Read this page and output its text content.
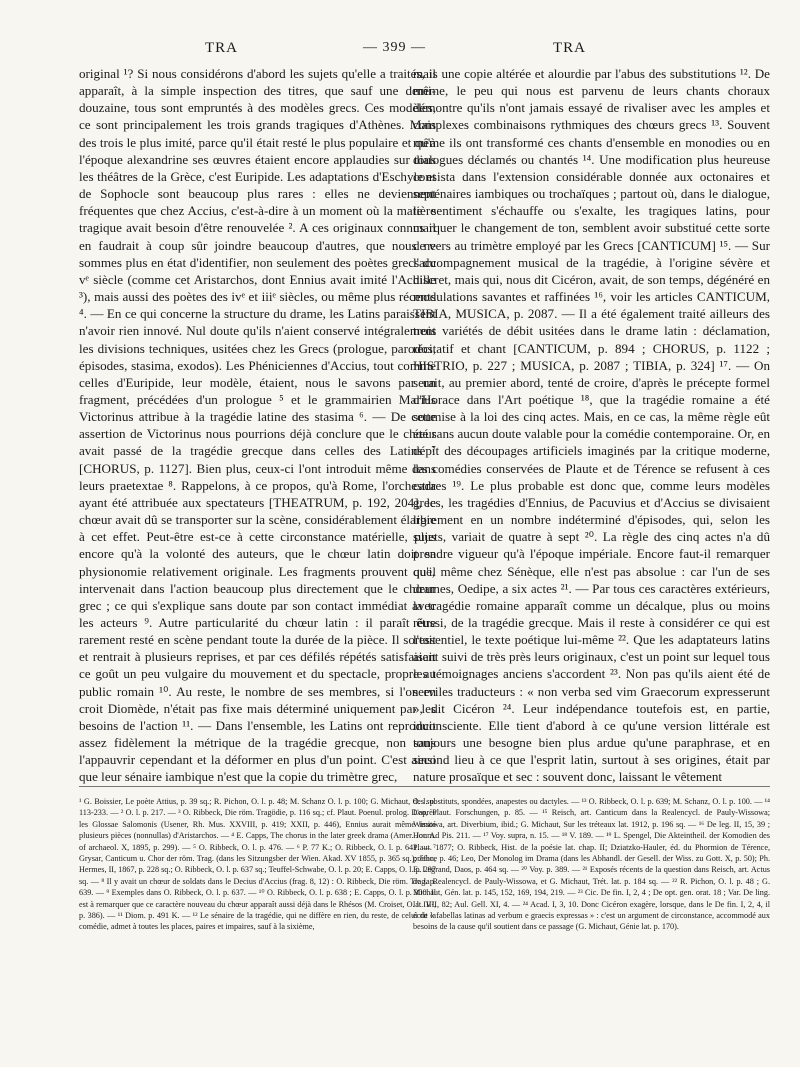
TRA	— 399 —	TRA

original ¹? Si nous considérons d'abord les sujets qu'elle a traités, il apparaît, à la simple inspection des titres, que sauf une demi-douzaine, tous sont empruntés à des modèles grecs. Ces modèles, ce sont principalement les trois grands tragiques d'Athènes. Mais des trois le plus imité, parce qu'il était resté le plus populaire et qu'à l'époque alexandrine ses œuvres étaient encore applaudies sur tous les théâtres de la Grèce, c'est Euripide. Les adaptations d'Eschyle et de Sophocle sont beaucoup plus rares : elles ne deviennent fréquentes que chez Accius, c'est-à-dire à un moment où la matière tragique avait besoin d'être renouvelée ². A ces originaux connus il en faudrait à coup sûr joindre beaucoup d'autres, que nous ne sommes plus en état d'identifier, non seulement des poètes grecs du vᵉ siècle (comme cet Aristarchos, dont Ennius avait imité l'Achille ³), mais aussi des poètes des ivᵉ et iiiᵉ siècles, ou même plus récents ⁴. — En ce qui concerne la structure du drame, les Latins paraissent n'avoir rien innové. Nul doute qu'ils n'aient conservé intégralement les divisions techniques, usitées chez les Grecs (prologue, parodos, épisodes, stasima, exodos). Les Phéniciennes d'Accius, tout comme celles d'Euripide, leur modèle, étaient, nous le savons par un fragment, précédées d'un prologue ⁵ et le grammairien Marius Victorinus attribue à la tragédie latine des stasima ⁶. — De cette assertion de Victorinus nous pourrions déjà conclure que le chœur avait passé de la tragédie grecque dans celles des Latins ⁷ [CHORUS, p. 1127]. Bien plus, ceux-ci l'ont introduit même dans leurs praetextae ⁸. Rappelons, à ce propos, qu'à Rome, l'orchestra ayant été attribuée aux spectateurs [THEATRUM, p. 192, 204], le chœur avait dû se transporter sur la scène, considérablement élargie à cet effet. Peut-être est-ce à cette circonstance matérielle, plus encore qu'à la volonté des auteurs, que le chœur latin doit sa physionomie relativement originale. Les fragments prouvent qu'il intervenait dans l'action beaucoup plus directement que le chœur grec ; ce qui s'explique sans doute par son contact immédiat avec les acteurs ⁹. Autre particularité du chœur latin : il paraît être rarement resté en scène pendant toute la durée de la pièce. Il sortait et rentrait à plusieurs reprises, et par ces défilés répétés satisfaisait ce goût un peu vulgaire du mouvement et du spectacle, propre au public romain ¹⁰. Au reste, le nombre de ses membres, si l'on en croit Diomède, n'était pas fixe mais déterminé uniquement par les besoins de l'action ¹¹. — Dans l'ensemble, les Latins ont reproduit assez fidèlement la métrique de la tragédie grecque, non sans l'appauvrir cependant et la déformer en plus d'un point. C'est ainsi que leur sénaire iambique n'est que la copie du trimètre grec,

mais une copie altérée et alourdie par l'abus des substitutions ¹². De même, le peu qui nous est parvenu de leurs chants choraux démontre qu'ils n'ont jamais essayé de rivaliser avec les amples et complexes combinaisons rythmiques des chœurs grecs ¹³. Souvent même ils ont transformé ces chants d'ensemble en monodies ou en dialogues déclamés ou chantés ¹⁴. Une modification plus heureuse consista dans l'extension considérable donnée aux octonaires et septénaires iambiques ou trochaïques ; partout où, dans le dialogue, le sentiment s'échauffe ou s'exalte, les tragiques latins, pour marquer le changement de ton, semblent avoir substitué cette sorte de vers au trimètre employé par les Grecs [CANTICUM] ¹⁵. — Sur l'accompagnement musical de la tragédie, à l'origine sévère et discret, mais qui, nous dit Cicéron, avait, de son temps, dégénéré en modulations savantes et raffinées ¹⁶, voir les articles CANTICUM, TIBIA, MUSICA, p. 2087. — Il a été également traité ailleurs des trois variétés de débit usitées dans le drame latin : déclamation, récitatif et chant [CANTICUM, p. 894 ; CHORUS, p. 1122 ; HISTRIO, p. 227 ; MUSICA, p. 2087 ; TIBIA, p. 324] ¹⁷. — On serait, au premier abord, tenté de croire, d'après le précepte formel d'Horace dans l'Art poétique ¹⁸, que la tragédie romaine a été soumise à la loi des cinq actes. Mais, en ce cas, la même règle eût été sans aucun doute valable pour la comédie contemporaine. Or, en dépit des découpages artificiels imaginés par la critique moderne, les comédies conservées de Plaute et de Térence se refusent à ces cadres ¹⁹. Le plus probable est donc que, comme leurs modèles grecs, les tragédies d'Ennius, de Pacuvius et d'Accius se divisaient librement en un nombre indéterminé d'épisodes, qui, selon les sujets, variait de quatre à sept ²⁰. La règle des cinq actes n'a dû prendre vigueur qu'à l'époque impériale. Encore faut-il remarquer que, même chez Sénèque, elle n'est pas absolue : car l'un de ses drames, Oedipe, a six actes ²¹. — Par tous ces caractères extérieurs, la tragédie romaine apparaît comme un décalque, plus ou moins réussi, de la tragédie grecque. Mais il reste à considérer ce qui est l'essentiel, le texte poétique lui-même ²². Que les adaptateurs latins aient suivi de très près leurs originaux, c'est un point sur lequel tous les témoignages anciens s'accordent ²³. Non pas qu'ils aient été de serviles traducteurs : « non verba sed vim Graecorum expresserunt », dit Cicéron ²⁴. Leur indépendance toutefois est, en partie, inconsciente. Elle tient d'abord à ce qu'une version littérale est toujours une besogne bien plus ardue qu'une paraphrase, et en second lieu à ce que l'esprit latin, surtout à ses origines, était par nature prosaïque et sec : souvent donc, laissant le vêtement

¹ G. Boissier, Le poète Attius, p. 39 sq.; R. Pichon, O. l. p. 48; M. Schanz O. l. p. 100; G. Michaut, O. l. p. 113-233. — ² O. l. p. 217. — ³ O. Ribbeck, Die röm. Tragödie, p. 116 sq.; cf. Plaut. Poenul. prolog. D'après les Glossae Salomonis (Usener, Rh. Mus. XXVIII, p. 419; XXII, p. 446), Ennius aurait même imité plusieurs pièces (nonnullas) d'Aristarchos. — ⁴ E. Capps, The chorus in the later greek drama (Amer. Journ. of archaeol. X, 1895, p. 299). — ⁵ O. Ribbeck, O. l. p. 476. — ⁶ P. 77 K.; O. Ribbeck, O. l. p. 641. — ⁷ Grysar, Canticum u. Chor der röm. Trag. (dans les Sitzungsber der Wien. Akad. XV 1855, p. 365 sq.); Jahn, Hermes, II, 1867, p. 228 sq.; O. Ribbeck, O. l. p. 637 sq.; Teuffel-Schwabe, O. l. p. 20; E. Capps, O. l. p. 297 sq. — ⁸ Il y avait un chœur de soldats dans le Decius d'Accius (frag. 8, 12) : O. Ribbeck, Die röm. Trag. p. 639. — ⁹ Exemples dans O. Ribbeck, O. l. p. 637. — ¹⁰ O. Ribbeck, O. l. p. 638 ; E. Capps, O. l. p. 300. Il est à remarquer que ce caractère nouveau du chœur apparaît aussi déjà dans le Rhésos (M. Croiset, O. l. III², p. 386). — ¹¹ Diom. p. 491 K. — ¹² Le sénaire de la tragédie, qui ne diffère en rien, du reste, de celui de la comédie, admet à toutes les places, paires et impaires, sauf à la sixième,

des substituts, spondées, anapestes ou dactyles. — ¹³ O. Ribbeck, O. l. p. 639; M. Schanz, O. l. p. 100. — ¹⁴ Leo, Plaut. Forschungen, p. 85. — ¹⁵ Reisch, art. Canticum dans la Realencycl. de Pauly-Wissowa; Wissowa, art. Diverbium, ibid.; G. Michaut, Sur les tréteaux lat. 1912, p. 196 sq. — ¹⁶ De leg. II, 15, 39 ; Hor. Ad Pis. 211. — ¹⁷ Voy. supra, n. 15. — ¹⁸ V. 189. — ¹⁹ L. Spengel, Die Akteintheil. der Komodien des Plaut. 1877; O. Ribbeck, Hist. de la poésie lat. chap. II; Dziatzko-Hauler, éd. du Phormion de Térence, préface p. 46; Leo, Der Monolog im Drama (dans les Abhandl. der Gesell. der Wiss. zu Gott. X, p. 50); Ph. E. Legrand, Daos, p. 464 sq. — ²⁰ Voy. p. 389. — ²¹ Exposés récents de la question dans Reisch, art. Actus de la Realencycl. de Pauly-Wissowa, et G. Michaut, Trét. lat. p. 184 sq. — ²² R. Pichon, O. l. p. 48 ; G. Michaut, Gén. lat. p. 145, 152, 169, 194, 219. — ²³ Cic. De fin. I, 2, 4 ; De opt. gen. orat. 18 ; Var. De ling. lat. VII, 82; Aul. Gell. XI, 4. — ²⁴ Acad. I, 3, 10. Donc Cicéron exagère, lorsque, dans le De fin. I, 2, 4, il écrit « fabellas latinas ad verbum e graecis expressas » : c'est un argument de circonstance, accommodé aux besoins de la cause qu'il soutient dans ce passage (G. Michaut, Génie lat. p. 170).
